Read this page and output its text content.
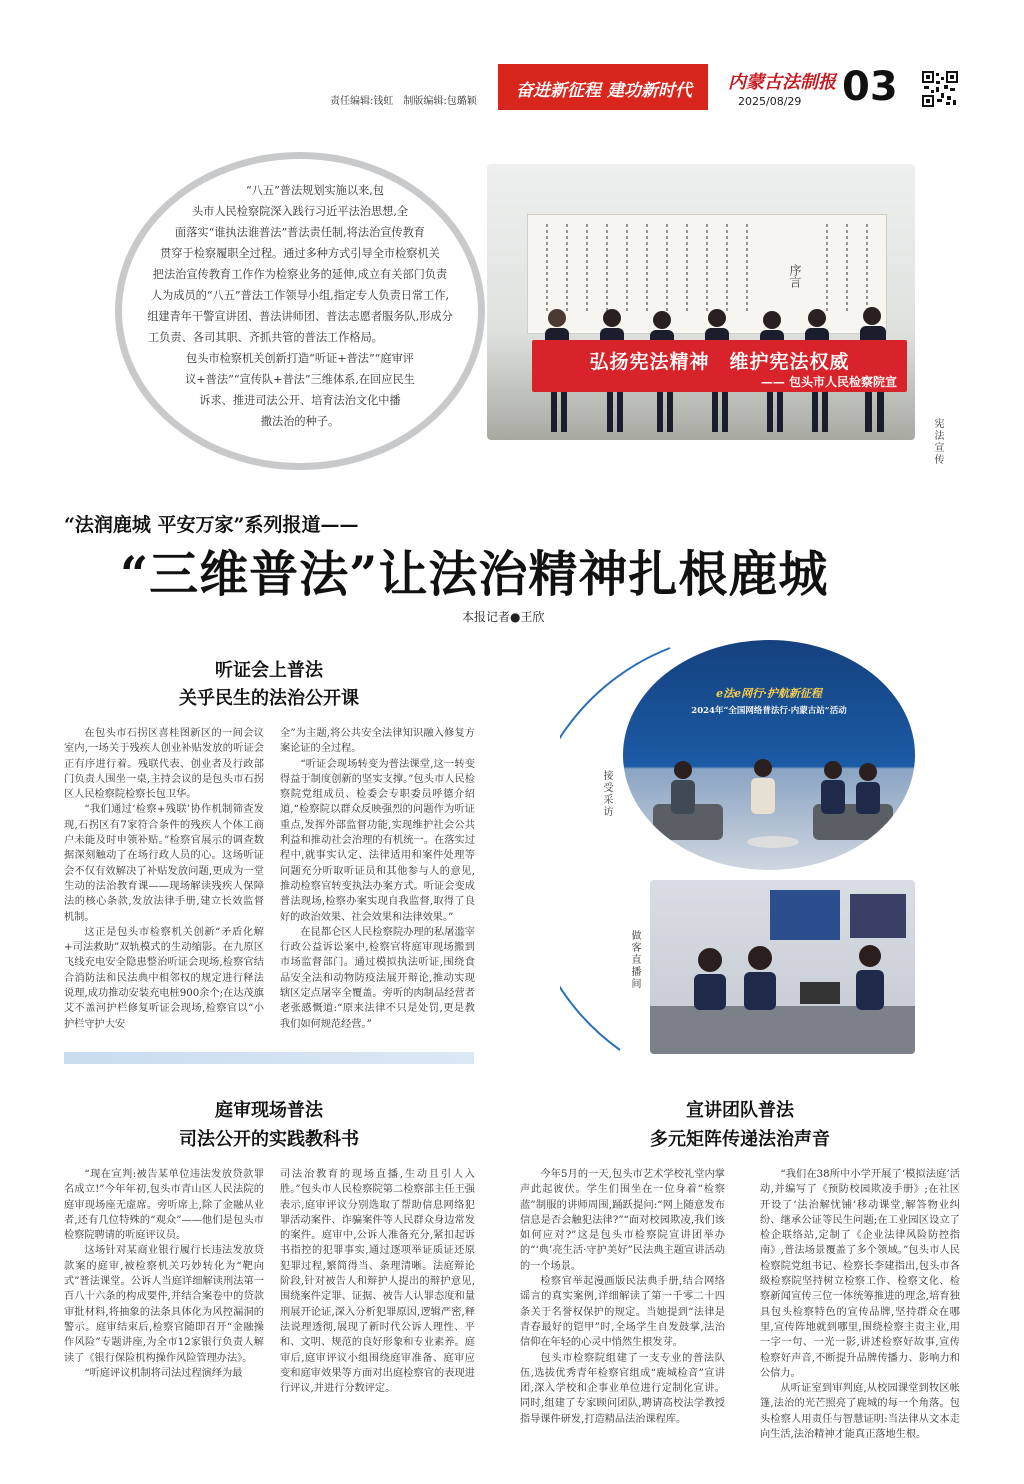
责任编辑:钱虹　制版编辑:包璐颖
奋进新征程 建功新时代	内蒙古法制报
2025/08/29 03
“八五”普法规划实施以来,包
头市人民检察院深入践行习近平法治思想,全
面落实“谁执法谁普法”普法责任制,将法治宣传教育
贯穿于检察履职全过程。通过多种方式引导全市检察机关
把法治宣传教育工作作为检察业务的延伸,成立有关部门负责
人为成员的“八五”普法工作领导小组,指定专人负责日常工作,
组建青年干警宣讲团、普法讲师团、普法志愿者服务队,形成分
工负责、各司其职、齐抓共管的普法工作格局。
包头市检察机关创新打造“听证+普法”“庭审评
议+普法”“宣传队+普法”三维体系,在回应民生
诉求、推进司法公开、培育法治文化中播
撒法治的种子。
序言
弘扬宪法精神　维护宪法权威
—— 包头市人民检察院宣
宪法宣传
“法润鹿城 平安万家”系列报道——
“三维普法”让法治精神扎根鹿城
本报记者●王欣
听证会上普法
关乎民生的法治公开课

在包头市石拐区喜桂图新区的一间会议室内,一场关于残疾人创业补贴发放的听证会正有序进行着。残联代表、创业者及行政部门负责人围坐一桌,主持会议的是包头市石拐区人民检察院检察长包卫华。

“我们通过‘检察+残联’协作机制筛查发现,石拐区有7家符合条件的残疾人个体工商户未能及时申领补贴。”检察官展示的调查数据深刻触动了在场行政人员的心。这场听证会不仅有效解决了补贴发放问题,更成为一堂生动的法治教育课——现场解读残疾人保障法的核心条款,发放法律手册,建立长效监督机制。

这正是包头市检察机关创新“矛盾化解+司法救助”双轨模式的生动缩影。在九原区飞线充电安全隐患整治听证会现场,检察官结合消防法和民法典中相邻权的规定进行释法说理,成功推动安装充电桩900余个;在达茂旗艾不盖河护栏修复听证会现场,检察官以“小护栏守护大安

全”为主题,将公共安全法律知识融入修复方案论证的全过程。

“听证会现场转变为普法课堂,这一转变得益于制度创新的坚实支撑。”包头市人民检察院党组成员、检委会专职委员呼德介绍道,“检察院以群众反映强烈的问题作为听证重点,发挥外部监督功能,实现维护社会公共利益和推动社会治理的有机统一。在落实过程中,就事实认定、法律适用和案件处理等问题充分听取听证员和其他参与人的意见,推动检察官转变执法办案方式。听证会变成普法现场,检察办案实现自我监督,取得了良好的政治效果、社会效果和法律效果。”

在昆都仑区人民检察院办理的私屠滥宰行政公益诉讼案中,检察官将庭审现场搬到市场监督部门。通过模拟执法听证,围绕食品安全法和动物防疫法展开辩论,推动实现辖区定点屠宰全覆盖。旁听的肉制品经营者老张感慨道:“原来法律不只是处罚,更是教我们如何规范经营。”

e法e网行·护航新征程
2024年“全国网络普法行·内蒙古站”活动
接受采访
做客直播间
庭审现场普法
司法公开的实践教科书

“现在宣判:被告某单位违法发放贷款罪名成立!”今年年初,包头市青山区人民法院的庭审现场座无虚席。旁听席上,除了金融从业者,还有几位特殊的“观众”——他们是包头市检察院聘请的听庭评议员。

这场针对某商业银行履行长违法发放贷款案的庭审,被检察机关巧妙转化为“靶向式”普法课堂。公诉人当庭详细解读刑法第一百八十六条的构成要件,并结合案卷中的贷款审批材料,将抽象的法条具体化为风控漏洞的警示。庭审结束后,检察官随即召开“金融操作风险”专题讲座,为全市12家银行负责人解读了《银行保险机构操作风险管理办法》。

“听庭评议机制将司法过程演绎为最

司法治教育的现场直播,生动且引人入胜。”包头市人民检察院第二检察部主任王强表示,庭审评议分别选取了帮助信息网络犯罪活动案件、诈骗案件等人民群众身边常发的案件。庭审中,公诉人准备充分,紧扣起诉书指控的犯罪事实,通过逐项举证质证还原犯罪过程,繁简得当、条理清晰。法庭辩论阶段,针对被告人和辩护人提出的辩护意见,围绕案件定罪、证据、被告人认罪态度和量刑展开论证,深入分析犯罪原因,逻辑严密,释法说理透彻,展现了新时代公诉人理性、平和、文明、规范的良好形象和专业素养。庭审后,庭审评议小组围绕庭审准备、庭审应变和庭审效果等方面对出庭检察官的表现进行评议,并进行分数评定。

宣讲团队普法
多元矩阵传递法治声音

今年5月的一天,包头市艺术学校礼堂内掌声此起彼伏。学生们围坐在一位身着“检察蓝”制服的讲师周围,踊跃提问:“网上随意发布信息是否会触犯法律?”“面对校园欺凌,我们该如何应对?”这是包头市检察院宣讲团举办的“‘典’亮生活·守护美好”民法典主题宣讲活动的一个场景。

检察官举起漫画版民法典手册,结合网络谣言的真实案例,详细解读了第一千零二十四条关于名誉权保护的规定。当她提到“法律是青春最好的铠甲”时,全场学生自发鼓掌,法治信仰在年轻的心灵中悄然生根发芽。

包头市检察院组建了一支专业的普法队伍,选拔优秀青年检察官组成“鹿城检音”宣讲团,深入学校和企事业单位进行定制化宣讲。同时,组建了专家顾问团队,聘请高校法学教授指导课件研发,打造精品法治课程库。

“我们在38所中小学开展了‘模拟法庭’活动,并编写了《预防校园欺凌手册》;在社区开设了‘法治解忧铺’移动课堂,解答物业纠纷、继承公证等民生问题;在工业园区设立了检企联络站,定制了《企业法律风险防控指南》,普法场景覆盖了多个领域。”包头市人民检察院党组书记、检察长李建指出,包头市各级检察院坚持树立检察工作、检察文化、检察新闻宣传三位一体统筹推进的理念,培育独具包头检察特色的宣传品牌,坚持群众在哪里,宣传阵地就到哪里,围绕检察主责主业,用一字一句、一光一影,讲述检察好故事,宣传检察好声音,不断提升品牌传播力、影响力和公信力。

从听证室到审判庭,从校园课堂到牧区帐篷,法治的光芒照亮了鹿城的每一个角落。包头检察人用责任与智慧证明:当法律从文本走向生活,法治精神才能真正落地生根。
